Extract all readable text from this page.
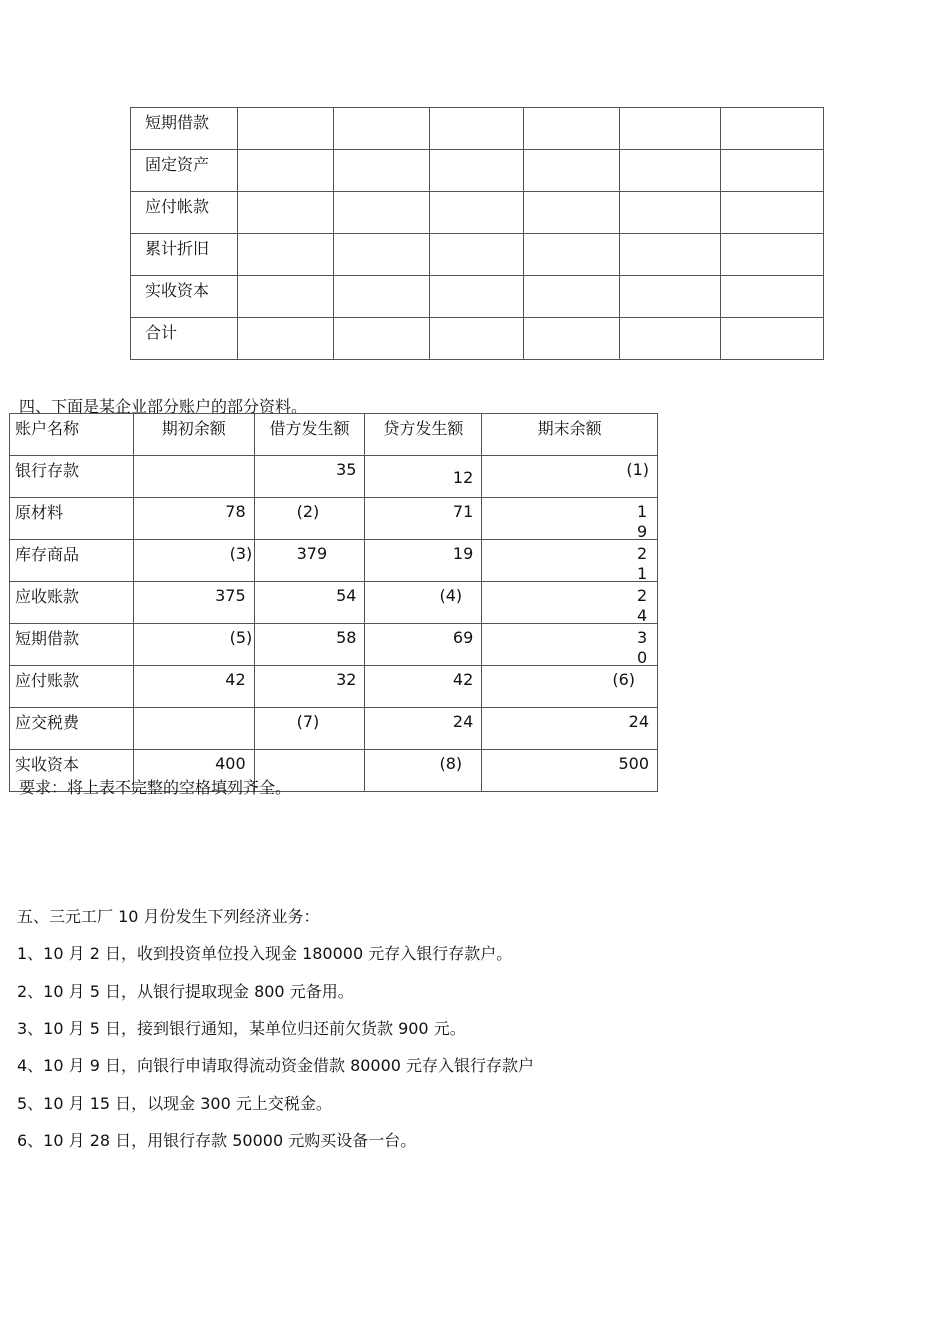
短期借款						
固定资产						
应付帐款						
累计折旧						
实收资本						
合计						
四、下面是某企业部分账户的部分资料。
账户名称	期初余额	借方发生额	贷方发生额	期末余额
银行存款		35	12	(1)

原材料	78	(2)	71	19

库存商品	(3)	379	19	21

应收账款	375	54	(4)	24

短期借款	(5)	58	69	30

应付账款	42	32	42	(6)

应交税费		(7)	24	24

实收资本	400		(8)	500
要求：将上表不完整的空格填列齐全。
五、三元工厂 10 月份发生下列经济业务：
1、10 月 2 日，收到投资单位投入现金 180000 元存入银行存款户。
2、10 月 5 日，从银行提取现金 800 元备用。
3、10 月 5 日，接到银行通知，某单位归还前欠货款 900 元。
4、10 月 9 日，向银行申请取得流动资金借款 80000 元存入银行存款户
5、10 月 15 日，以现金 300 元上交税金。
6、10 月 28 日，用银行存款 50000 元购买设备一台。
